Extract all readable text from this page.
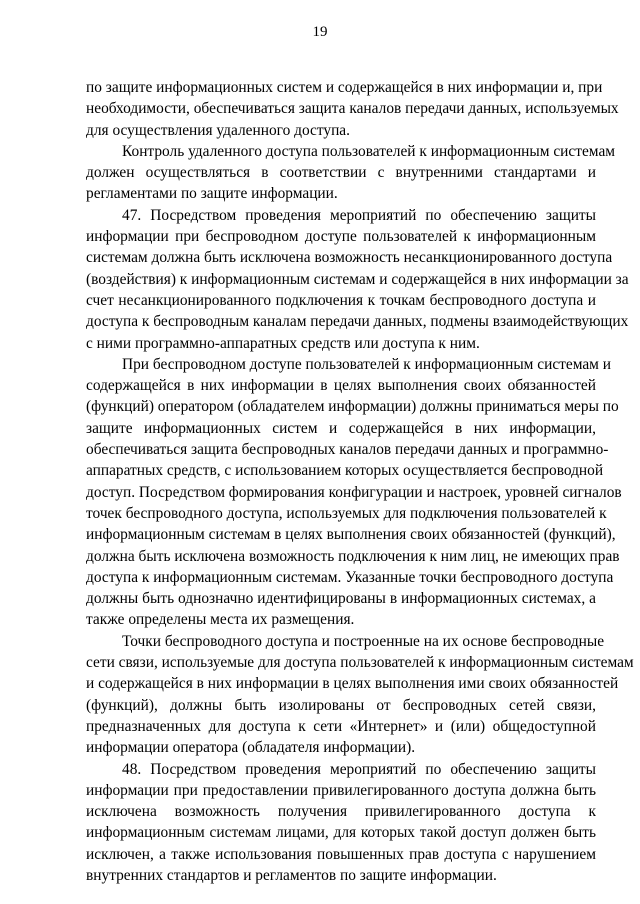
19
по защите информационных систем и содержащейся в них информации и, при
необходимости, обеспечиваться защита каналов передачи данных, используемых
для осуществления удаленного доступа.
Контроль удаленного доступа пользователей к информационным системам
должен осуществляться в соответствии с внутренними стандартами и
регламентами по защите информации.
47. Посредством проведения мероприятий по обеспечению защиты
информации при беспроводном доступе пользователей к информационным
системам должна быть исключена возможность несанкционированного доступа
(воздействия) к информационным системам и содержащейся в них информации за
счет несанкционированного подключения к точкам беспроводного доступа и
доступа к беспроводным каналам передачи данных, подмены взаимодействующих
с ними программно-аппаратных средств или доступа к ним.
При беспроводном доступе пользователей к информационным системам и
содержащейся в них информации в целях выполнения своих обязанностей
(функций) оператором (обладателем информации) должны приниматься меры по
защите информационных систем и содержащейся в них информации,
обеспечиваться защита беспроводных каналов передачи данных и программно-
аппаратных средств, с использованием которых осуществляется беспроводной
доступ. Посредством формирования конфигурации и настроек, уровней сигналов
точек беспроводного доступа, используемых для подключения пользователей к
информационным системам в целях выполнения своих обязанностей (функций),
должна быть исключена возможность подключения к ним лиц, не имеющих прав
доступа к информационным системам. Указанные точки беспроводного доступа
должны быть однозначно идентифицированы в информационных системах, а
также определены места их размещения.
Точки беспроводного доступа и построенные на их основе беспроводные
сети связи, используемые для доступа пользователей к информационным системам
и содержащейся в них информации в целях выполнения ими своих обязанностей
(функций), должны быть изолированы от беспроводных сетей связи,
предназначенных для доступа к сети «Интернет» и (или) общедоступной
информации оператора (обладателя информации).
48. Посредством проведения мероприятий по обеспечению защиты
информации при предоставлении привилегированного доступа должна быть
исключена возможность получения привилегированного доступа к
информационным системам лицами, для которых такой доступ должен быть
исключен, а также использования повышенных прав доступа с нарушением
внутренних стандартов и регламентов по защите информации.
